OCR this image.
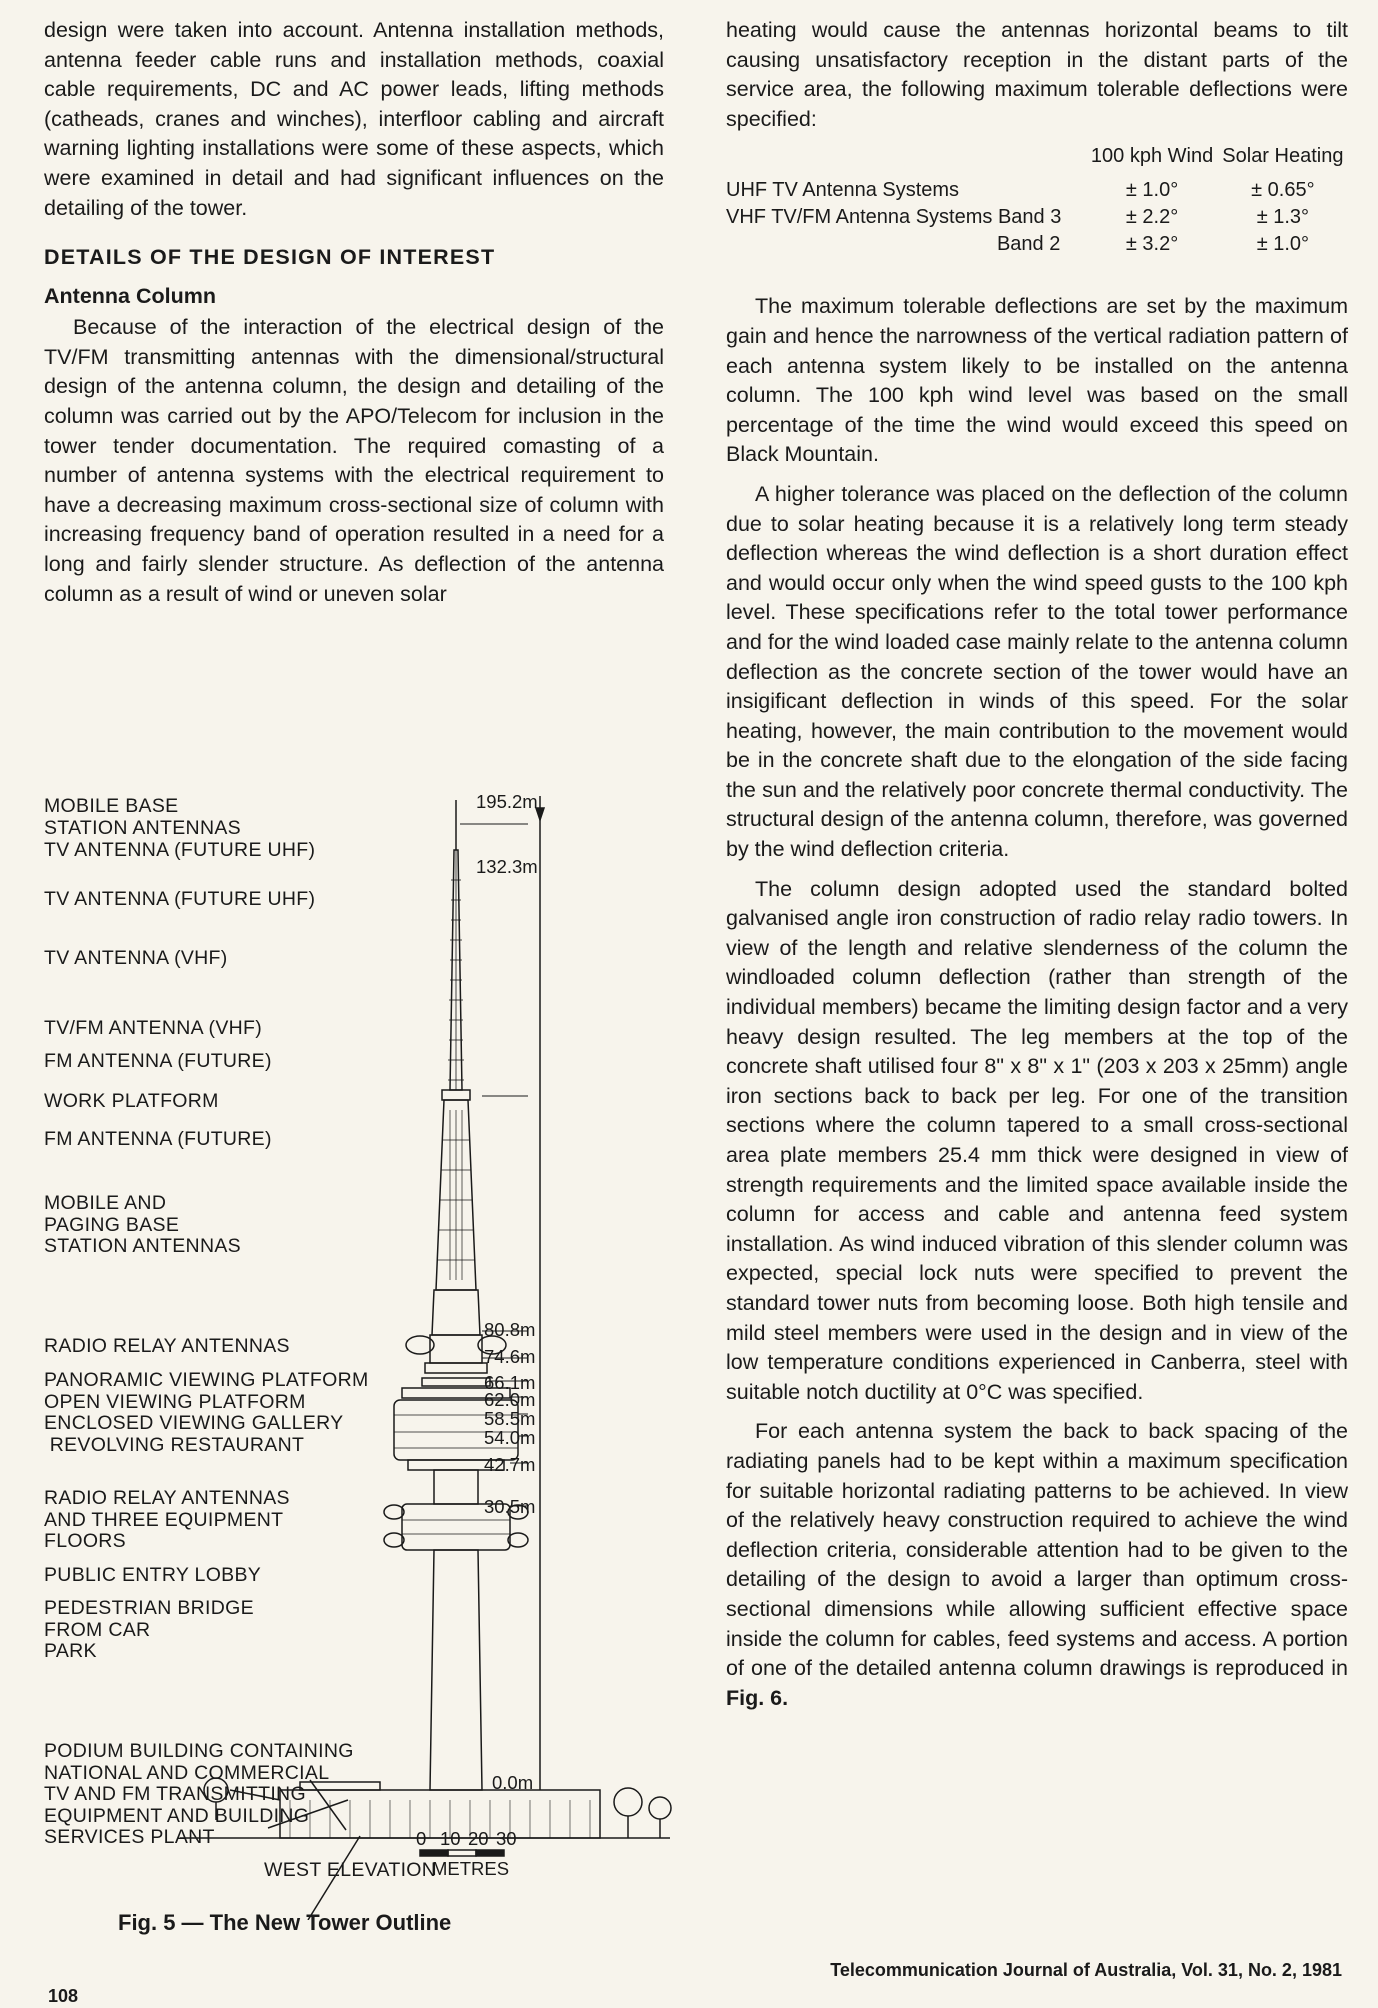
design were taken into account. Antenna installation methods, antenna feeder cable runs and installation methods, coaxial cable requirements, DC and AC power leads, lifting methods (catheads, cranes and winches), interfloor cabling and aircraft warning lighting installations were some of these aspects, which were examined in detail and had significant influences on the detailing of the tower.

DETAILS OF THE DESIGN OF INTEREST
Antenna Column

Because of the interaction of the electrical design of the TV/FM transmitting antennas with the dimensional/structural design of the antenna column, the design and detailing of the column was carried out by the APO/Telecom for inclusion in the tower tender documentation. The required comasting of a number of antenna systems with the electrical requirement to have a decreasing maximum cross-sectional size of column with increasing frequency band of operation resulted in a need for a long and fairly slender structure. As deflection of the antenna column as a result of wind or uneven solar

MOBILE BASE
STATION ANTENNAS
TV ANTENNA (FUTURE UHF)
TV ANTENNA (FUTURE UHF)
TV ANTENNA (VHF)
TV/FM ANTENNA (VHF)
FM ANTENNA (FUTURE)
WORK PLATFORM
FM ANTENNA (FUTURE)
MOBILE AND
PAGING BASE
STATION ANTENNAS
RADIO RELAY ANTENNAS
PANORAMIC VIEWING PLATFORM
OPEN VIEWING PLATFORM
ENCLOSED VIEWING GALLERY
REVOLVING RESTAURANT
RADIO RELAY ANTENNAS
AND THREE EQUIPMENT
FLOORS
PUBLIC ENTRY LOBBY
PEDESTRIAN BRIDGE
FROM CAR
PARK
PODIUM BUILDING CONTAINING
NATIONAL AND COMMERCIAL
TV AND FM TRANSMITTING
EQUIPMENT AND BUILDING
SERVICES PLANT
WEST ELEVATION
195.2m
132.3m
80.8m
74.6m
66.1m
62.0m
58.5m
54.0m
42.7m
30.5m
0.0m
0 10 20 30
METRES
Fig. 5 — The New Tower Outline

heating would cause the antennas horizontal beams to tilt causing unsatisfactory reception in the distant parts of the service area, the following maximum tolerable deflections were specified:

	100 kph Wind	Solar Heating
UHF TV Antenna Systems	± 1.0°	± 0.65°
VHF TV/FM Antenna Systems Band 3	± 2.2°	± 1.3°
Band 2	± 3.2°	± 1.0°

The maximum tolerable deflections are set by the maximum gain and hence the narrowness of the vertical radiation pattern of each antenna system likely to be installed on the antenna column. The 100 kph wind level was based on the small percentage of the time the wind would exceed this speed on Black Mountain.

A higher tolerance was placed on the deflection of the column due to solar heating because it is a relatively long term steady deflection whereas the wind deflection is a short duration effect and would occur only when the wind speed gusts to the 100 kph level. These specifications refer to the total tower performance and for the wind loaded case mainly relate to the antenna column deflection as the concrete section of the tower would have an insigificant deflection in winds of this speed. For the solar heating, however, the main contribution to the movement would be in the concrete shaft due to the elongation of the side facing the sun and the relatively poor concrete thermal conductivity. The structural design of the antenna column, therefore, was governed by the wind deflection criteria.

The column design adopted used the standard bolted galvanised angle iron construction of radio relay radio towers. In view of the length and relative slenderness of the column the windloaded column deflection (rather than strength of the individual members) became the limiting design factor and a very heavy design resulted. The leg members at the top of the concrete shaft utilised four 8" x 8" x 1" (203 x 203 x 25mm) angle iron sections back to back per leg. For one of the transition sections where the column tapered to a small cross-sectional area plate members 25.4 mm thick were designed in view of strength requirements and the limited space available inside the column for access and cable and antenna feed system installation. As wind induced vibration of this slender column was expected, special lock nuts were specified to prevent the standard tower nuts from becoming loose. Both high tensile and mild steel members were used in the design and in view of the low temperature conditions experienced in Canberra, steel with suitable notch ductility at 0°C was specified.

For each antenna system the back to back spacing of the radiating panels had to be kept within a maximum specification for suitable horizontal radiating patterns to be achieved. In view of the relatively heavy construction required to achieve the wind deflection criteria, considerable attention had to be given to the detailing of the design to avoid a larger than optimum cross-sectional dimensions while allowing sufficient effective space inside the column for cables, feed systems and access. A portion of one of the detailed antenna column drawings is reproduced in Fig. 6.

108
Telecommunication Journal of Australia, Vol. 31, No. 2, 1981
